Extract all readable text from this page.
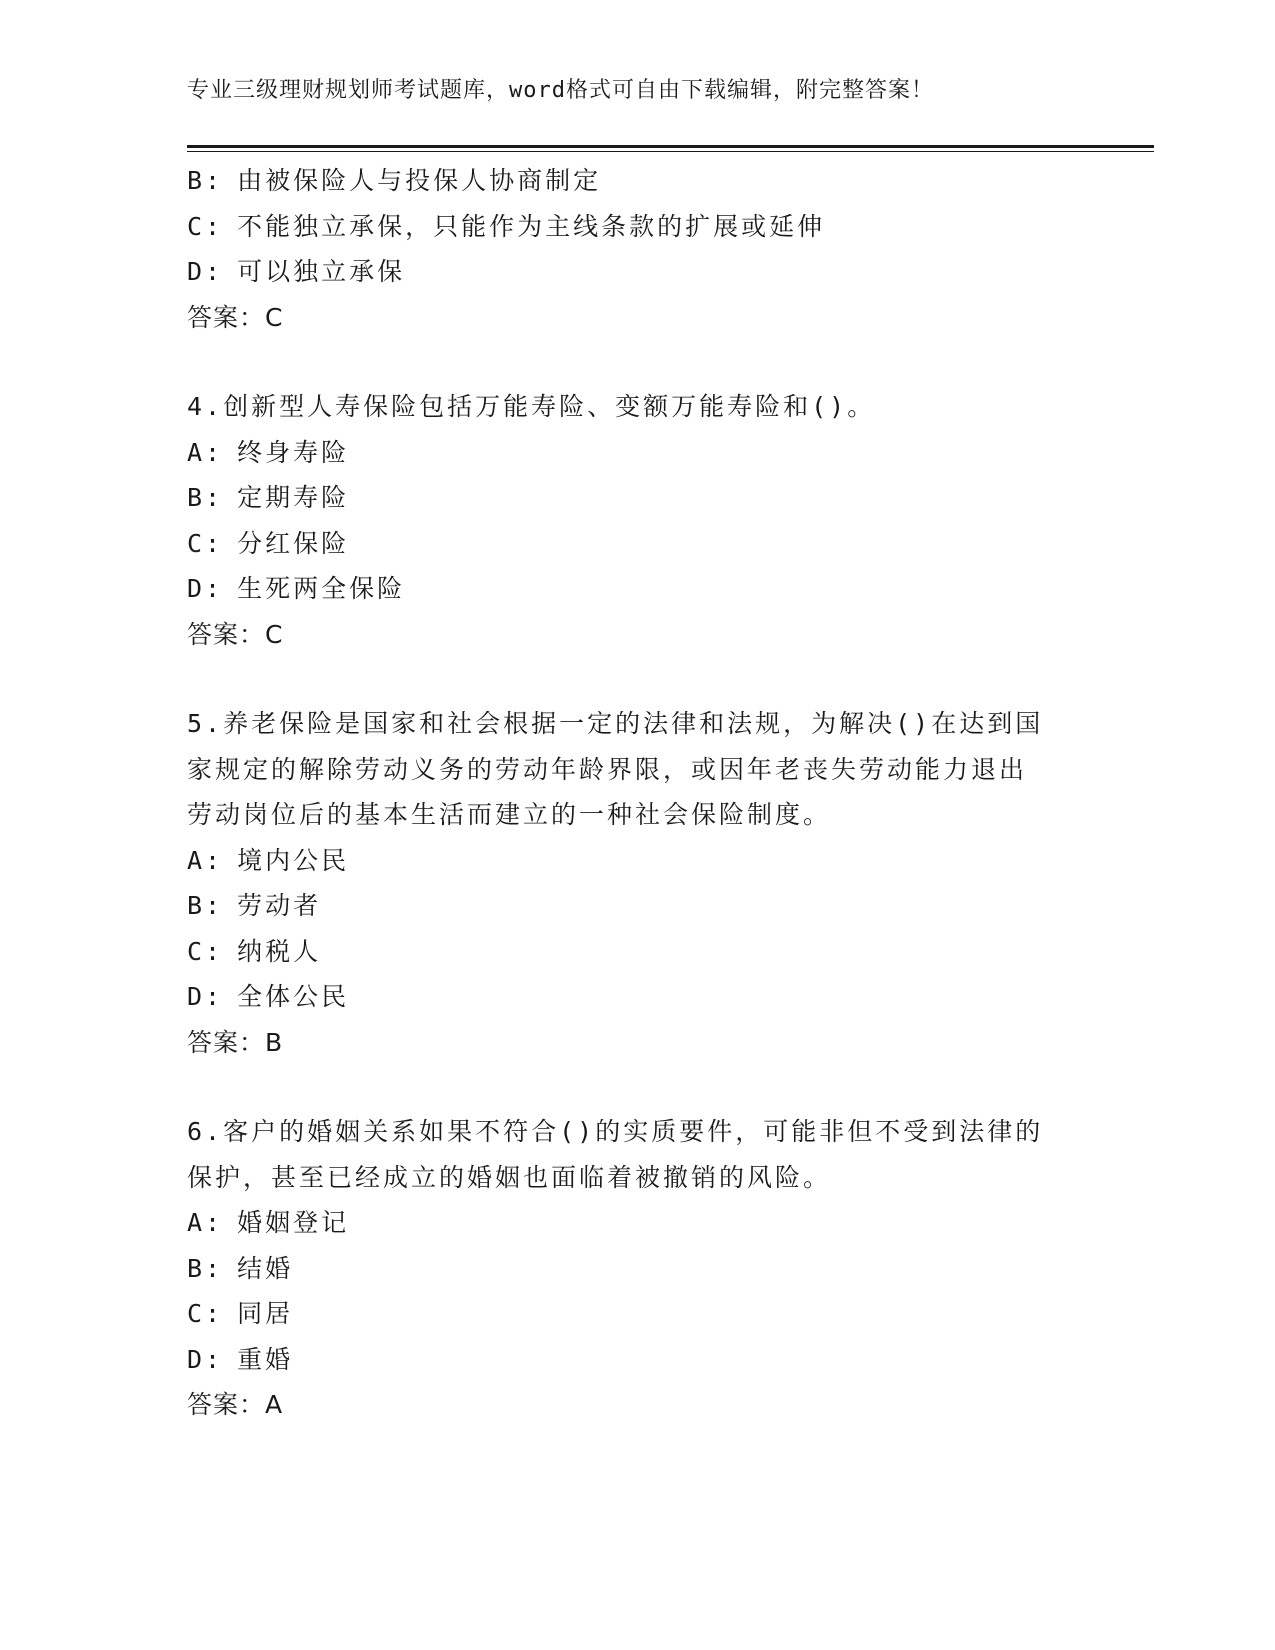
专业三级理财规划师考试题库，word格式可自由下载编辑，附完整答案！
B: 由被保险人与投保人协商制定
C: 不能独立承保，只能作为主线条款的扩展或延伸
D: 可以独立承保
答案：C
4.创新型人寿保险包括万能寿险、变额万能寿险和()。
A: 终身寿险
B: 定期寿险
C: 分红保险
D: 生死两全保险
答案：C
5.养老保险是国家和社会根据一定的法律和法规，为解决()在达到国
家规定的解除劳动义务的劳动年龄界限，或因年老丧失劳动能力退出
劳动岗位后的基本生活而建立的一种社会保险制度。
A: 境内公民
B: 劳动者
C: 纳税人
D: 全体公民
答案：B
6.客户的婚姻关系如果不符合()的实质要件，可能非但不受到法律的
保护，甚至已经成立的婚姻也面临着被撤销的风险。
A: 婚姻登记
B: 结婚
C: 同居
D: 重婚
答案：A
